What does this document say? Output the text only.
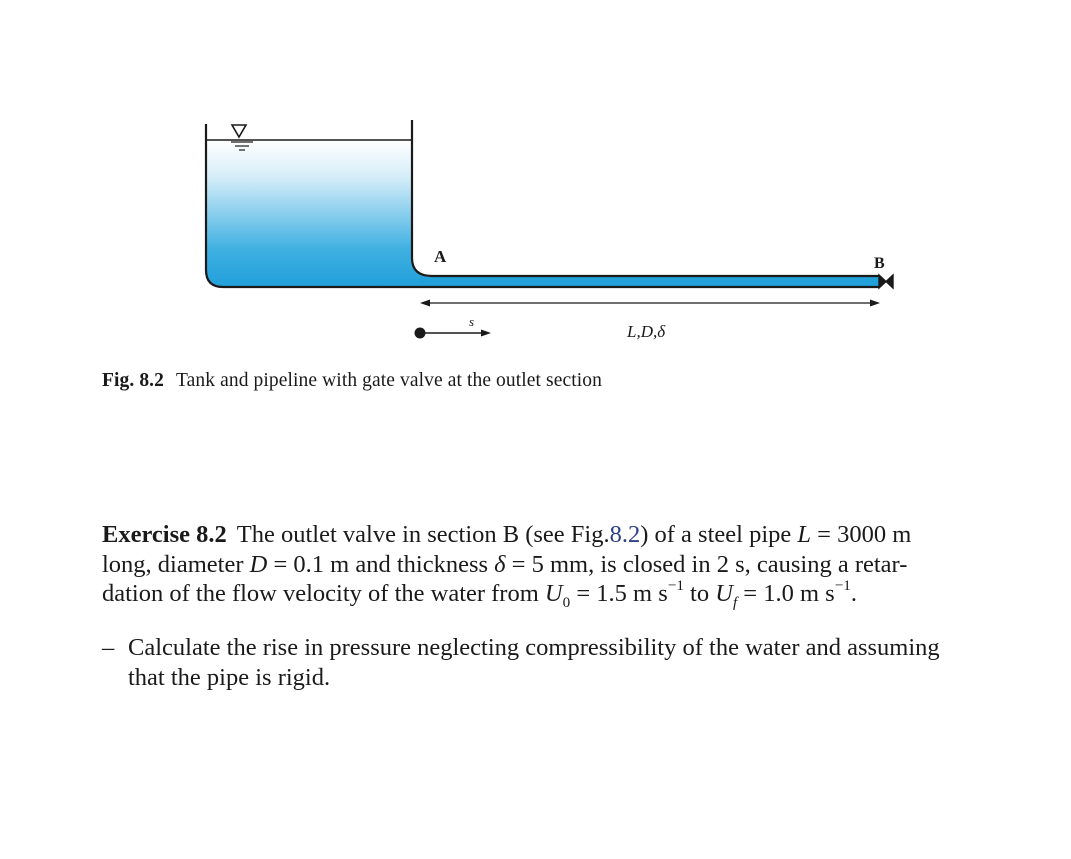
A	B
s
L,D,δ
Fig. 8.2 Tank and pipeline with gate valve at the outlet section
Exercise 8.2 The outlet valve in section B (see Fig.8.2) of a steel pipe L = 3000 m
long, diameter D = 0.1 m and thickness δ = 5 mm, is closed in 2 s, causing a retar-
dation of the flow velocity of the water from $U_0 = 1.5$ m $s^{-1}$ to $U_f = 1.0$ m $s^{-1}$.
– Calculate the rise in pressure neglecting compressibility of the water and assuming
that the pipe is rigid.
